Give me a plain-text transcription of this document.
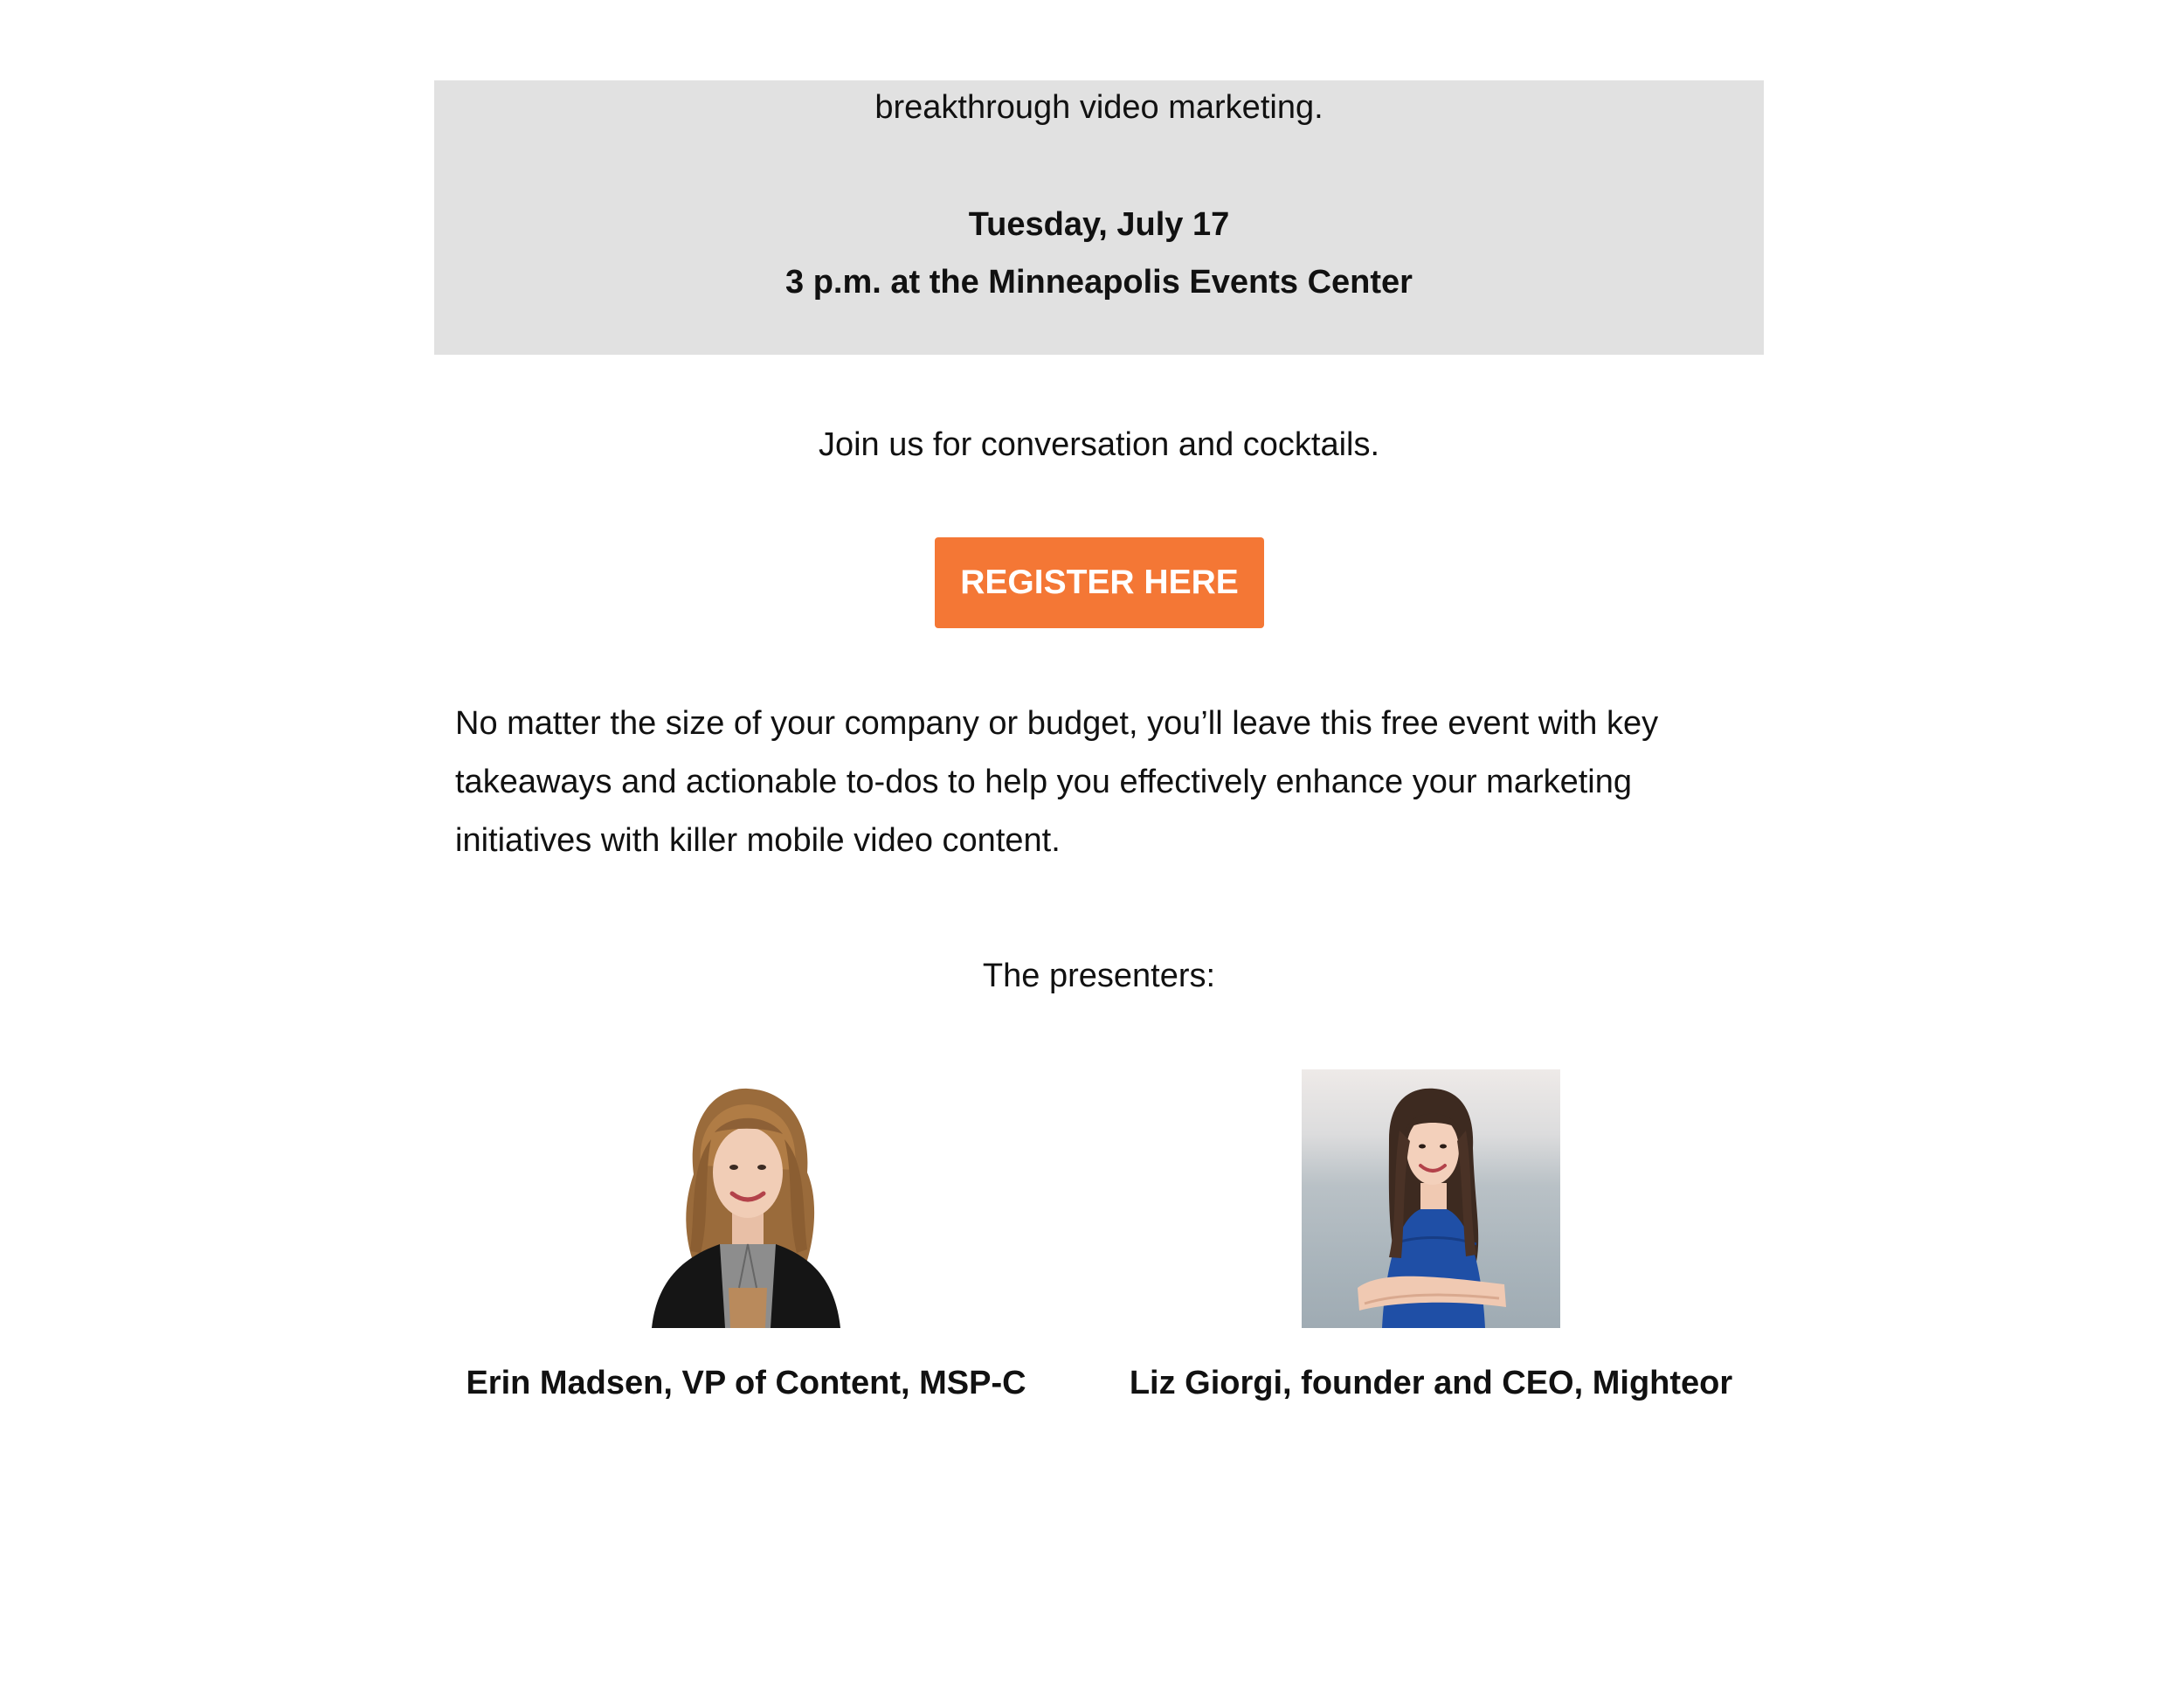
breakthrough video marketing.
Tuesday, July 17
3 p.m. at the Minneapolis Events Center
Join us for conversation and cocktails.
REGISTER HERE
No matter the size of your company or budget, you’ll leave this free event with key takeaways and actionable to-dos to help you effectively enhance your marketing initiatives with killer mobile video content.
The presenters:
Erin Madsen, VP of Content, MSP-C	Liz Giorgi, founder and CEO, Mighteor
